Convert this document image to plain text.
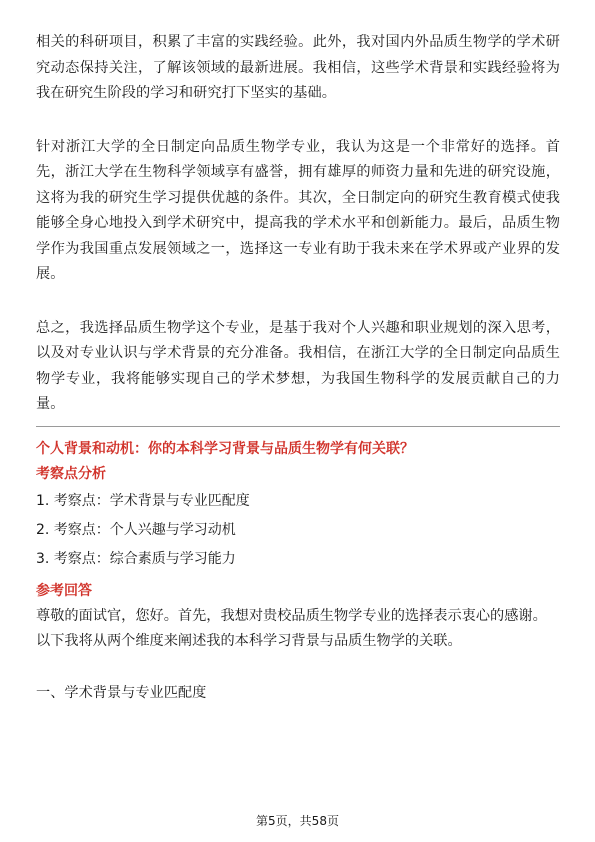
相关的科研项目，积累了丰富的实践经验。此外，我对国内外品质生物学的学术研究动态保持关注，了解该领域的最新进展。我相信，这些学术背景和实践经验将为我在研究生阶段的学习和研究打下坚实的基础。

针对浙江大学的全日制定向品质生物学专业，我认为这是一个非常好的选择。首先，浙江大学在生物科学领域享有盛誉，拥有雄厚的师资力量和先进的研究设施，这将为我的研究生学习提供优越的条件。其次，全日制定向的研究生教育模式使我能够全身心地投入到学术研究中，提高我的学术水平和创新能力。最后，品质生物学作为我国重点发展领域之一，选择这一专业有助于我未来在学术界或产业界的发展。

总之，我选择品质生物学这个专业，是基于我对个人兴趣和职业规划的深入思考，以及对专业认识与学术背景的充分准备。我相信，在浙江大学的全日制定向品质生物学专业，我将能够实现自己的学术梦想，为我国生物科学的发展贡献自己的力量。

个人背景和动机：你的本科学习背景与品质生物学有何关联？

考察点分析

1. 考察点：学术背景与专业匹配度
2. 考察点：个人兴趣与学习动机
3. 考察点：综合素质与学习能力

参考回答

尊敬的面试官，您好。首先，我想对贵校品质生物学专业的选择表示衷心的感谢。以下我将从两个维度来阐述我的本科学习背景与品质生物学的关联。

一、学术背景与专业匹配度

第5页，共58页
